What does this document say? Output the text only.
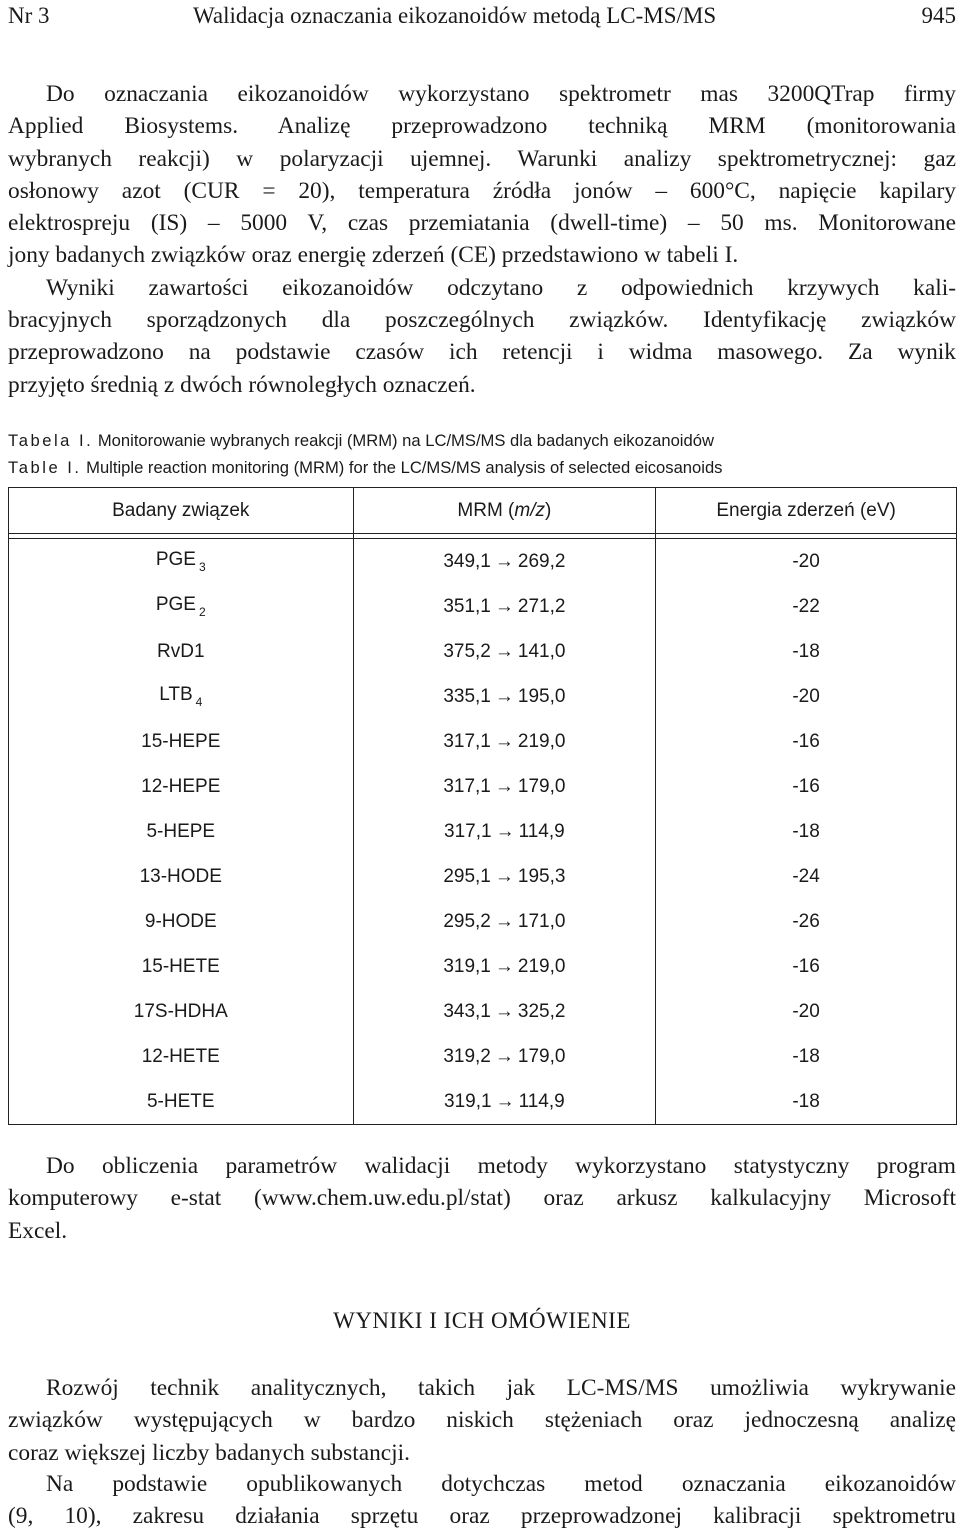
Nr 3	Walidacja oznaczania eikozanoidów metodą LC-MS/MS	945
Do oznaczania eikozanoidów wykorzystano spektrometr mas 3200QTrap firmy
Applied Biosystems. Analizę przeprowadzono techniką MRM (monitorowania
wybranych reakcji) w polaryzacji ujemnej. Warunki analizy spektrometrycznej: gaz
osłonowy azot (CUR = 20), temperatura źródła jonów – 600°C, napięcie kapilary
elektrospreju (IS) – 5000 V, czas przemiatania (dwell-time) – 50 ms. Monitorowane
jony badanych związków oraz energię zderzeń (CE) przedstawiono w tabeli I.
Wyniki zawartości eikozanoidów odczytano z odpowiednich krzywych kali-
bracyjnych sporządzonych dla poszczególnych związków. Identyfikację związków
przeprowadzono na podstawie czasów ich retencji i widma masowego. Za wynik
przyjęto średnią z dwóch równoległych oznaczeń.
Tabela I. Monitorowanie wybranych reakcji (MRM) na LC/MS/MS dla badanych eikozanoidów
Table I. Multiple reaction monitoring (MRM) for the LC/MS/MS analysis of selected eicosanoids
Badany związek	MRM (m/z)	Energia zderzeń (eV)

PGE $_3$	349,1 → 269,2	-20
PGE $_2$	351,1 → 271,2	-22
RvD1	375,2 → 141,0	-18
LTB $_4$	335,1 → 195,0	-20
15-HEPE	317,1 → 219,0	-16
12-HEPE	317,1 → 179,0	-16
5-HEPE	317,1 → 114,9	-18
13-HODE	295,1 → 195,3	-24
9-HODE	295,2 → 171,0	-26
15-HETE	319,1 → 219,0	-16
17S-HDHA	343,1 → 325,2	-20
12-HETE	319,2 → 179,0	-18
5-HETE	319,1 → 114,9	-18
Do obliczenia parametrów walidacji metody wykorzystano statystyczny program
komputerowy e-stat (www.chem.uw.edu.pl/stat) oraz arkusz kalkulacyjny Microsoft
Excel.
WYNIKI I ICH OMÓWIENIE
Rozwój technik analitycznych, takich jak LC-MS/MS umożliwia wykrywanie
związków występujących w bardzo niskich stężeniach oraz jednoczesną analizę
coraz większej liczby badanych substancji.
Na podstawie opublikowanych dotychczas metod oznaczania eikozanoidów
(9, 10), zakresu działania sprzętu oraz przeprowadzonej kalibracji spektrometru
